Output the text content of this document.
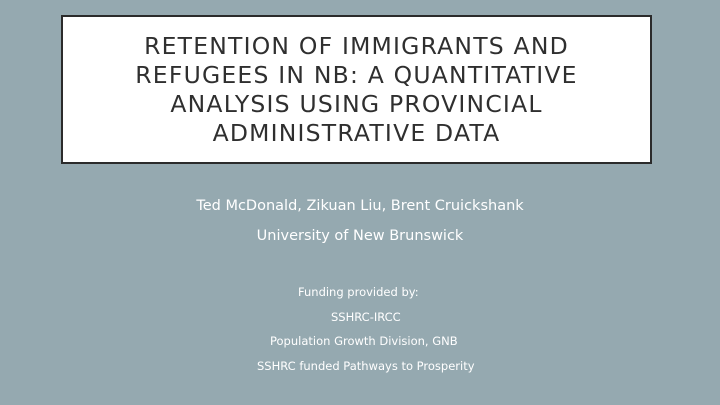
RETENTION OF IMMIGRANTS AND
REFUGEES IN NB: A QUANTITATIVE
ANALYSIS USING PROVINCIAL
ADMINISTRATIVE DATA
Ted McDonald, Zikuan Liu, Brent Cruickshank
University of New Brunswick
Funding provided by:
SSHRC-IRCC
Population Growth Division, GNB
SSHRC funded Pathways to Prosperity
